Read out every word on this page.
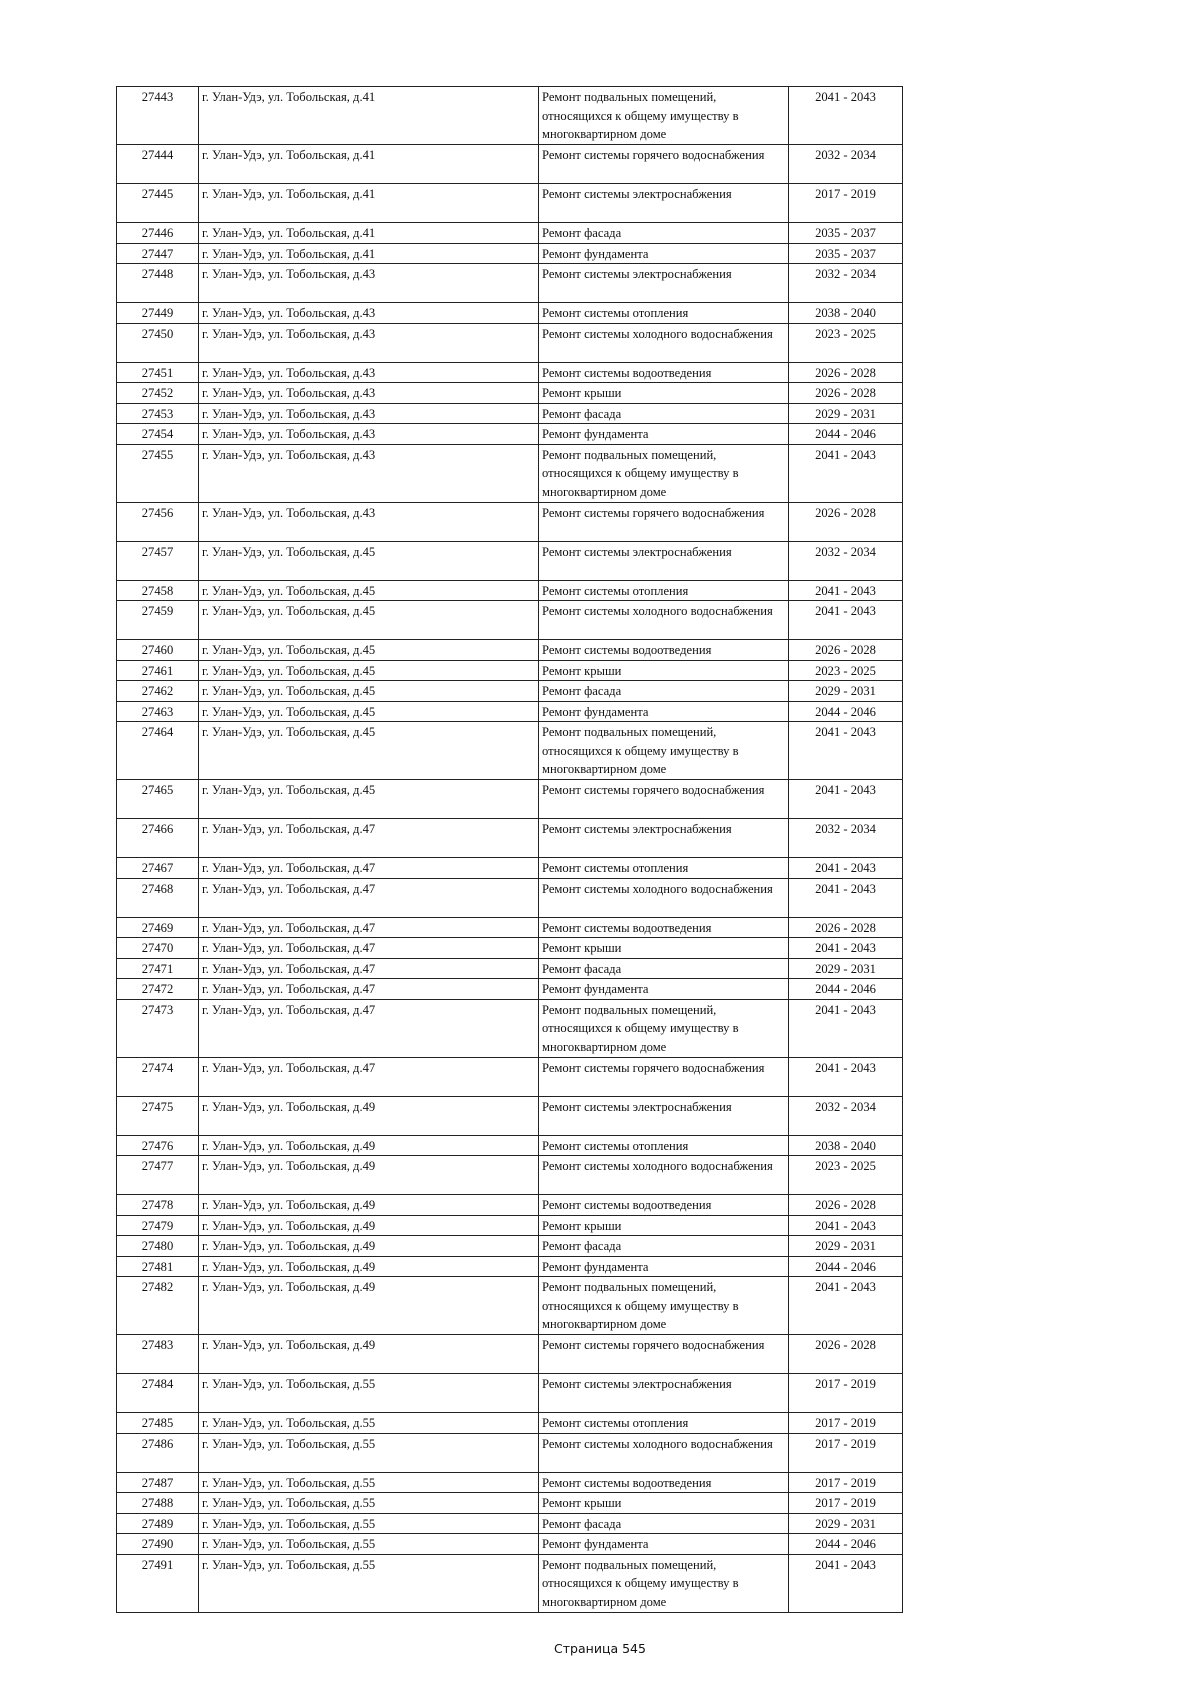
27443	г. Улан-Удэ, ул. Тобольская, д.41	Ремонт подвальных помещений, относящихся к общему имуществу в многоквартирном доме	2041 - 2043
27444	г. Улан-Удэ, ул. Тобольская, д.41	Ремонт системы горячего водоснабжения	2032 - 2034
27445	г. Улан-Удэ, ул. Тобольская, д.41	Ремонт системы электроснабжения	2017 - 2019
27446	г. Улан-Удэ, ул. Тобольская, д.41	Ремонт фасада	2035 - 2037
27447	г. Улан-Удэ, ул. Тобольская, д.41	Ремонт фундамента	2035 - 2037
27448	г. Улан-Удэ, ул. Тобольская, д.43	Ремонт системы электроснабжения	2032 - 2034
27449	г. Улан-Удэ, ул. Тобольская, д.43	Ремонт системы отопления	2038 - 2040
27450	г. Улан-Удэ, ул. Тобольская, д.43	Ремонт системы холодного водоснабжения	2023 - 2025
27451	г. Улан-Удэ, ул. Тобольская, д.43	Ремонт системы водоотведения	2026 - 2028
27452	г. Улан-Удэ, ул. Тобольская, д.43	Ремонт крыши	2026 - 2028
27453	г. Улан-Удэ, ул. Тобольская, д.43	Ремонт фасада	2029 - 2031
27454	г. Улан-Удэ, ул. Тобольская, д.43	Ремонт фундамента	2044 - 2046
27455	г. Улан-Удэ, ул. Тобольская, д.43	Ремонт подвальных помещений, относящихся к общему имуществу в многоквартирном доме	2041 - 2043
27456	г. Улан-Удэ, ул. Тобольская, д.43	Ремонт системы горячего водоснабжения	2026 - 2028
27457	г. Улан-Удэ, ул. Тобольская, д.45	Ремонт системы электроснабжения	2032 - 2034
27458	г. Улан-Удэ, ул. Тобольская, д.45	Ремонт системы отопления	2041 - 2043
27459	г. Улан-Удэ, ул. Тобольская, д.45	Ремонт системы холодного водоснабжения	2041 - 2043
27460	г. Улан-Удэ, ул. Тобольская, д.45	Ремонт системы водоотведения	2026 - 2028
27461	г. Улан-Удэ, ул. Тобольская, д.45	Ремонт крыши	2023 - 2025
27462	г. Улан-Удэ, ул. Тобольская, д.45	Ремонт фасада	2029 - 2031
27463	г. Улан-Удэ, ул. Тобольская, д.45	Ремонт фундамента	2044 - 2046
27464	г. Улан-Удэ, ул. Тобольская, д.45	Ремонт подвальных помещений, относящихся к общему имуществу в многоквартирном доме	2041 - 2043
27465	г. Улан-Удэ, ул. Тобольская, д.45	Ремонт системы горячего водоснабжения	2041 - 2043
27466	г. Улан-Удэ, ул. Тобольская, д.47	Ремонт системы электроснабжения	2032 - 2034
27467	г. Улан-Удэ, ул. Тобольская, д.47	Ремонт системы отопления	2041 - 2043
27468	г. Улан-Удэ, ул. Тобольская, д.47	Ремонт системы холодного водоснабжения	2041 - 2043
27469	г. Улан-Удэ, ул. Тобольская, д.47	Ремонт системы водоотведения	2026 - 2028
27470	г. Улан-Удэ, ул. Тобольская, д.47	Ремонт крыши	2041 - 2043
27471	г. Улан-Удэ, ул. Тобольская, д.47	Ремонт фасада	2029 - 2031
27472	г. Улан-Удэ, ул. Тобольская, д.47	Ремонт фундамента	2044 - 2046
27473	г. Улан-Удэ, ул. Тобольская, д.47	Ремонт подвальных помещений, относящихся к общему имуществу в многоквартирном доме	2041 - 2043
27474	г. Улан-Удэ, ул. Тобольская, д.47	Ремонт системы горячего водоснабжения	2041 - 2043
27475	г. Улан-Удэ, ул. Тобольская, д.49	Ремонт системы электроснабжения	2032 - 2034
27476	г. Улан-Удэ, ул. Тобольская, д.49	Ремонт системы отопления	2038 - 2040
27477	г. Улан-Удэ, ул. Тобольская, д.49	Ремонт системы холодного водоснабжения	2023 - 2025
27478	г. Улан-Удэ, ул. Тобольская, д.49	Ремонт системы водоотведения	2026 - 2028
27479	г. Улан-Удэ, ул. Тобольская, д.49	Ремонт крыши	2041 - 2043
27480	г. Улан-Удэ, ул. Тобольская, д.49	Ремонт фасада	2029 - 2031
27481	г. Улан-Удэ, ул. Тобольская, д.49	Ремонт фундамента	2044 - 2046
27482	г. Улан-Удэ, ул. Тобольская, д.49	Ремонт подвальных помещений, относящихся к общему имуществу в многоквартирном доме	2041 - 2043
27483	г. Улан-Удэ, ул. Тобольская, д.49	Ремонт системы горячего водоснабжения	2026 - 2028
27484	г. Улан-Удэ, ул. Тобольская, д.55	Ремонт системы электроснабжения	2017 - 2019
27485	г. Улан-Удэ, ул. Тобольская, д.55	Ремонт системы отопления	2017 - 2019
27486	г. Улан-Удэ, ул. Тобольская, д.55	Ремонт системы холодного водоснабжения	2017 - 2019
27487	г. Улан-Удэ, ул. Тобольская, д.55	Ремонт системы водоотведения	2017 - 2019
27488	г. Улан-Удэ, ул. Тобольская, д.55	Ремонт крыши	2017 - 2019
27489	г. Улан-Удэ, ул. Тобольская, д.55	Ремонт фасада	2029 - 2031
27490	г. Улан-Удэ, ул. Тобольская, д.55	Ремонт фундамента	2044 - 2046
27491	г. Улан-Удэ, ул. Тобольская, д.55	Ремонт подвальных помещений, относящихся к общему имуществу в многоквартирном доме	2041 - 2043
Страница 545
